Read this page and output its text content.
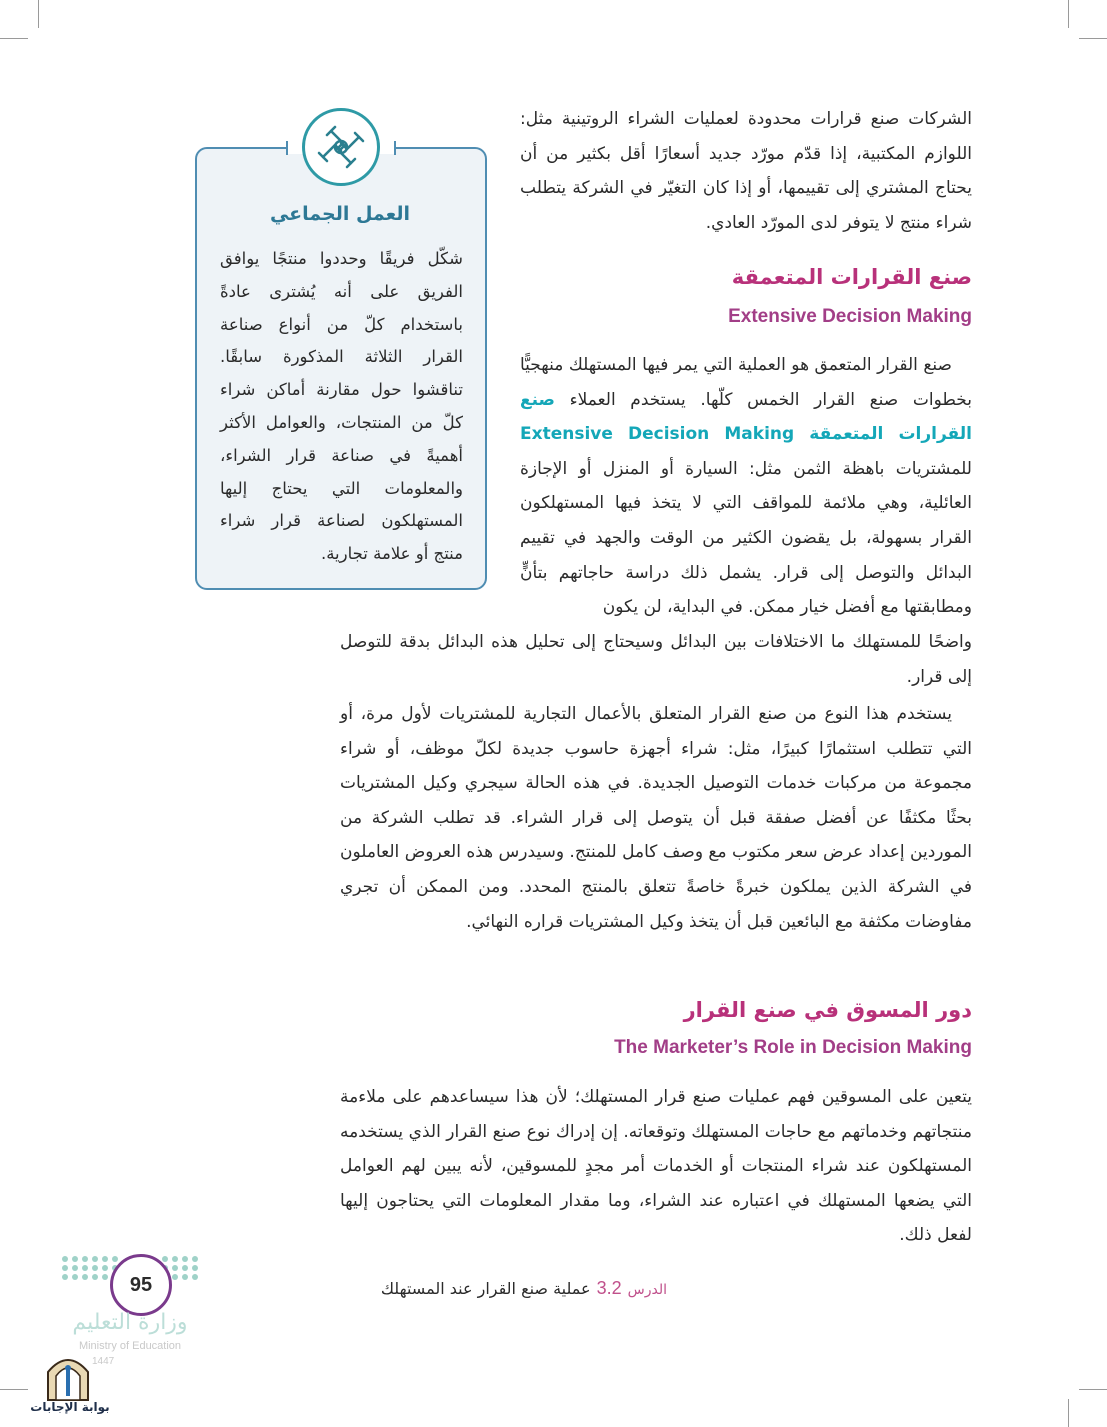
الشركات صنع قرارات محدودة لعمليات الشراء الروتينية مثل: اللوازم المكتبية، إذا قدّم مورّد جديد أسعارًا أقل بكثير من أن يحتاج المشتري إلى تقييمها، أو إذا كان التغيّر في الشركة يتطلب شراء منتج لا يتوفر لدى المورّد العادي.

صنع القرارات المتعمقة
Extensive Decision Making

صنع القرار المتعمق هو العملية التي يمر فيها المستهلك منهجيًّا بخطوات صنع القرار الخمس كلّها. يستخدم العملاء صنع القرارات المتعمقة Extensive Decision Making للمشتريات باهظة الثمن مثل: السيارة أو المنزل أو الإجازة العائلية، وهي ملائمة للمواقف التي لا يتخذ فيها المستهلكون القرار بسهولة، بل يقضون الكثير من الوقت والجهد في تقييم البدائل والتوصل إلى قرار. يشمل ذلك دراسة حاجاتهم بتأنٍّ ومطابقتها مع أفضل خيار ممكن. في البداية، لن يكون

واضحًا للمستهلك ما الاختلافات بين البدائل وسيحتاج إلى تحليل هذه البدائل بدقة للتوصل إلى قرار.

يستخدم هذا النوع من صنع القرار المتعلق بالأعمال التجارية للمشتريات لأول مرة، أو التي تتطلب استثمارًا كبيرًا، مثل: شراء أجهزة حاسوب جديدة لكلّ موظف، أو شراء مجموعة من مركبات خدمات التوصيل الجديدة. في هذه الحالة سيجري وكيل المشتريات بحثًا مكثفًا عن أفضل صفقة قبل أن يتوصل إلى قرار الشراء. قد تطلب الشركة من الموردين إعداد عرض سعر مكتوب مع وصف كامل للمنتج. وسيدرس هذه العروض العاملون في الشركة الذين يملكون خبرةً خاصةً تتعلق بالمنتج المحدد. ومن الممكن أن تجري مفاوضات مكثفة مع البائعين قبل أن يتخذ وكيل المشتريات قراره النهائي.

دور المسوق في صنع القرار
The Marketer’s Role in Decision Making

يتعين على المسوقين فهم عمليات صنع قرار المستهلك؛ لأن هذا سيساعدهم على ملاءمة منتجاتهم وخدماتهم مع حاجات المستهلك وتوقعاته. إن إدراك نوع صنع القرار الذي يستخدمه المستهلكون عند شراء المنتجات أو الخدمات أمر مجدٍ للمسوقين، لأنه يبين لهم العوامل التي يضعها المستهلك في اعتباره عند الشراء، وما مقدار المعلومات التي يحتاجون إليها لفعل ذلك.

العمل الجماعي

شكّل فريقًا وحددوا منتجًا يوافق الفريق على أنه يُشترى عادةً باستخدام كلّ من أنواع صناعة القرار الثلاثة المذكورة سابقًا. تناقشوا حول مقارنة أماكن شراء كلّ من المنتجات، والعوامل الأكثر أهميةً في صناعة قرار الشراء، والمعلومات التي يحتاج إليها المستهلكون لصناعة قرار شراء منتج أو علامة تجارية.

95	الدرس3.2عملية صنع القرار عند المستهلك
وزارة التعليم
Ministry of Education
1447
بوابة الإجابات
